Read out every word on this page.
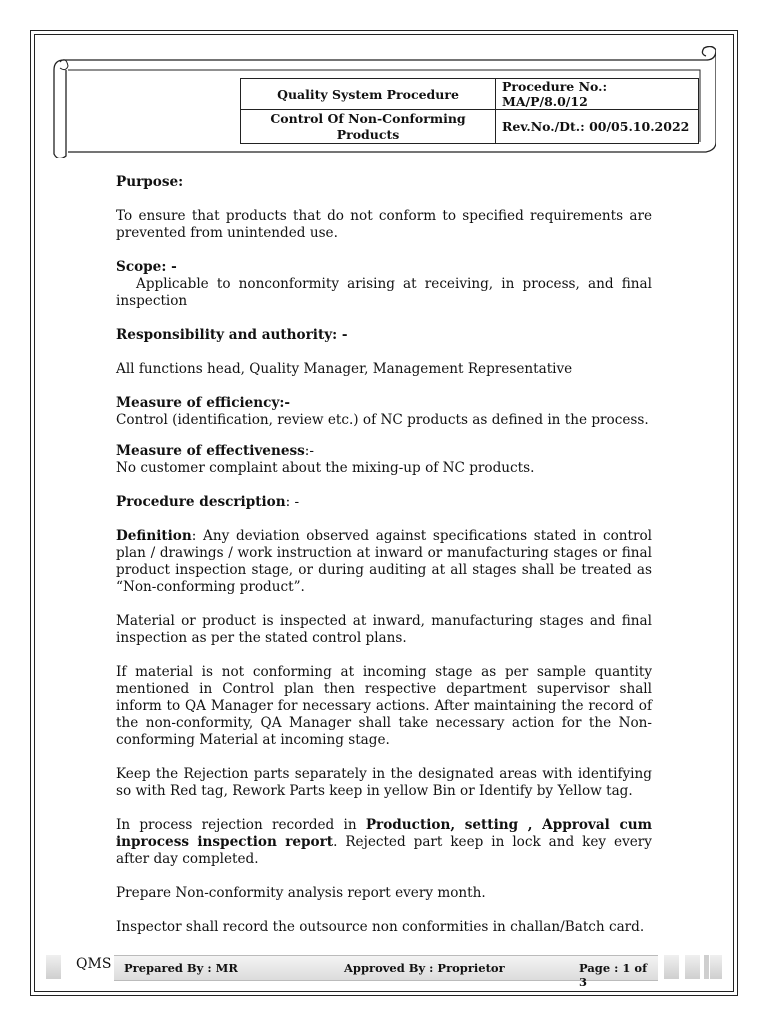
Quality System Procedure	Procedure No.: MA/P/8.0/12
Control Of Non-Conforming Products	Rev.No./Dt.: 00/05.10.2022

Purpose:

To ensure that products that do not conform to specified requirements are prevented from unintended use.

Scope: -

Applicable to nonconformity arising at receiving, in process, and final inspection

Responsibility and authority: -

All functions head, Quality Manager, Management Representative

Measure of efficiency:-

Control (identification, review etc.) of NC products as defined in the process.

Measure of effectiveness:-

No customer complaint about the mixing-up of NC products.

Procedure description: -

Definition: Any deviation observed against specifications stated in control plan / drawings / work instruction at inward or manufacturing stages or final product inspection stage, or during auditing at all stages shall be treated as “Non-conforming product”.

Material or product is inspected at inward, manufacturing stages and final inspection as per the stated control plans.

If material is not conforming at incoming stage as per sample quantity mentioned in Control plan then respective department supervisor shall inform to QA Manager for necessary actions. After maintaining the record of the non-conformity, QA Manager shall take necessary action for the Non-conforming Material at incoming stage.

Keep the Rejection parts separately in the designated areas with identifying so with Red tag, Rework Parts keep in yellow Bin or Identify by Yellow tag.

In process rejection recorded in Production, setting , Approval cum inprocess inspection report. Rejected part keep in lock and key every after day completed.

Prepare Non-conformity analysis report every month.

Inspector shall record the outsource non conformities in challan/Batch card.

QMS Prepared By : MR	Approved By : Proprietor	Page : 1 of 3
